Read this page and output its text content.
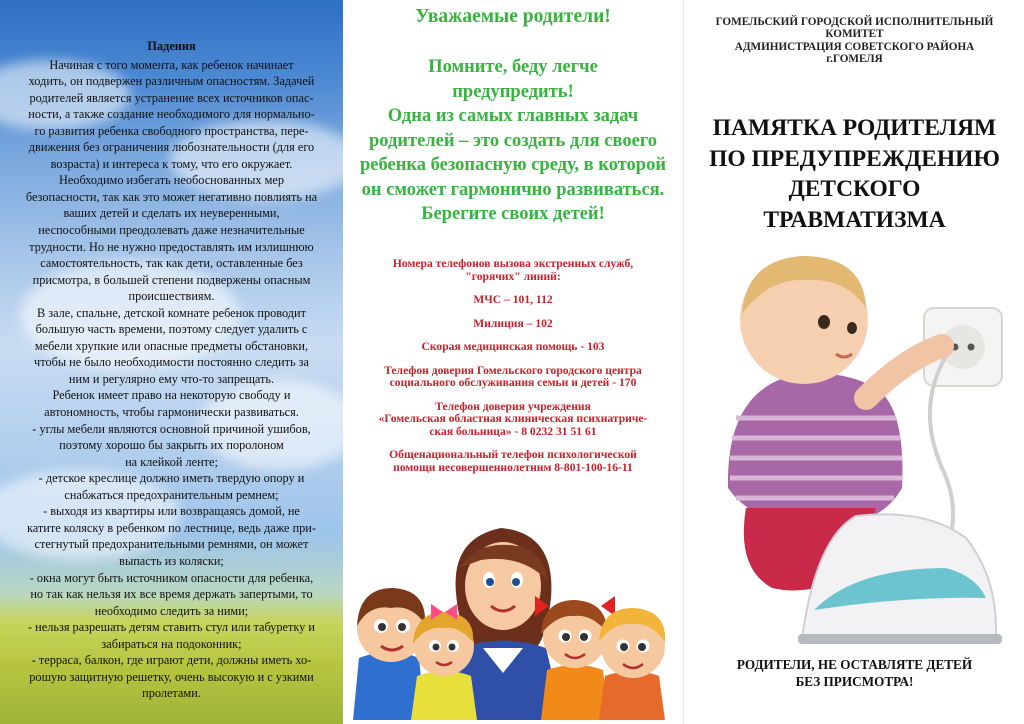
Падения

Начиная с того момента, как ребенок начинает

ходить, он подвержен различным опасностям. Задачей

родителей является устранение всех источников опас-

ности, а также создание необходимого для нормально-

го развития ребенка свободного пространства, пере-

движения без ограничения любознательности (для его

возраста) и интереса к тому, что его окружает.

Необходимо избегать необоснованных мер

безопасности, так как это может негативно повлиять на

ваших детей и сделать их неуверенными,

неспособными преодолевать даже незначительные

трудности. Но не нужно предоставлять им излишнюю

самостоятельность, так как дети, оставленные без

присмотра, в большей степени подвержены опасным

происшествиям.

В зале, спальне, детской комнате ребенок проводит

большую часть времени, поэтому следует удалить с

мебели хрупкие или опасные предметы обстановки,

чтобы не было необходимости постоянно следить за

ним и регулярно ему что-то запрещать.

Ребенок имеет право на некоторую свободу и

автономность, чтобы гармонически развиваться.

- углы мебели являются основной причиной ушибов,

поэтому хорошо бы закрыть их поролоном

на клейкой ленте;

- детское креслице должно иметь твердую опору и

снабжаться предохранительным ремнем;

- выходя из квартиры или возвращаясь домой, не

катите коляску в ребенком по лестнице, ведь даже при-

стегнутый предохранительными ремнями, он может

выпасть из коляски;

- окна могут быть источником опасности для ребенка,

но так как нельзя их все время держать запертыми, то

необходимо следить за ними;

- нельзя разрешать детям ставить стул или табуретку и

забираться на подоконник;

- терраса, балкон, где играют дети, должны иметь хо-

рошую защитную решетку, очень высокую и с узкими

пролетами.

Уважаемые родители!

Помните, беду легче

предупредить!

Одна из самых главных задач

родителей – это создать для своего

ребенка безопасную среду, в которой

он сможет гармонично развиваться.

Берегите своих детей!

Номера телефонов вызова экстренных служб,
"горячих" линий:
МЧС – 101, 112
Милиция – 102
Скорая медицинская помощь - 103
Телефон доверия Гомельского городского центра
социального обслуживания семьи и детей - 170
Телефон доверия учреждения
«Гомельская областная клиническая психиатриче-
ская больница» - 8 0232 31 51 61
Общенациональный телефон психологической
помощи несовершеннолетним 8-801-100-16-11

ГОМЕЛЬСКИЙ ГОРОДСКОЙ ИСПОЛНИТЕЛЬНЫЙ КОМИТЕТ

АДМИНИСТРАЦИЯ СОВЕТСКОГО РАЙОНА

г.ГОМЕЛЯ

ПАМЯТКА РОДИТЕЛЯМ

ПО ПРЕДУПРЕЖДЕНИЮ

ДЕТСКОГО

ТРАВМАТИЗМА

РОДИТЕЛИ, НЕ ОСТАВЛЯТЕ ДЕТЕЙ

БЕЗ ПРИСМОТРА!
